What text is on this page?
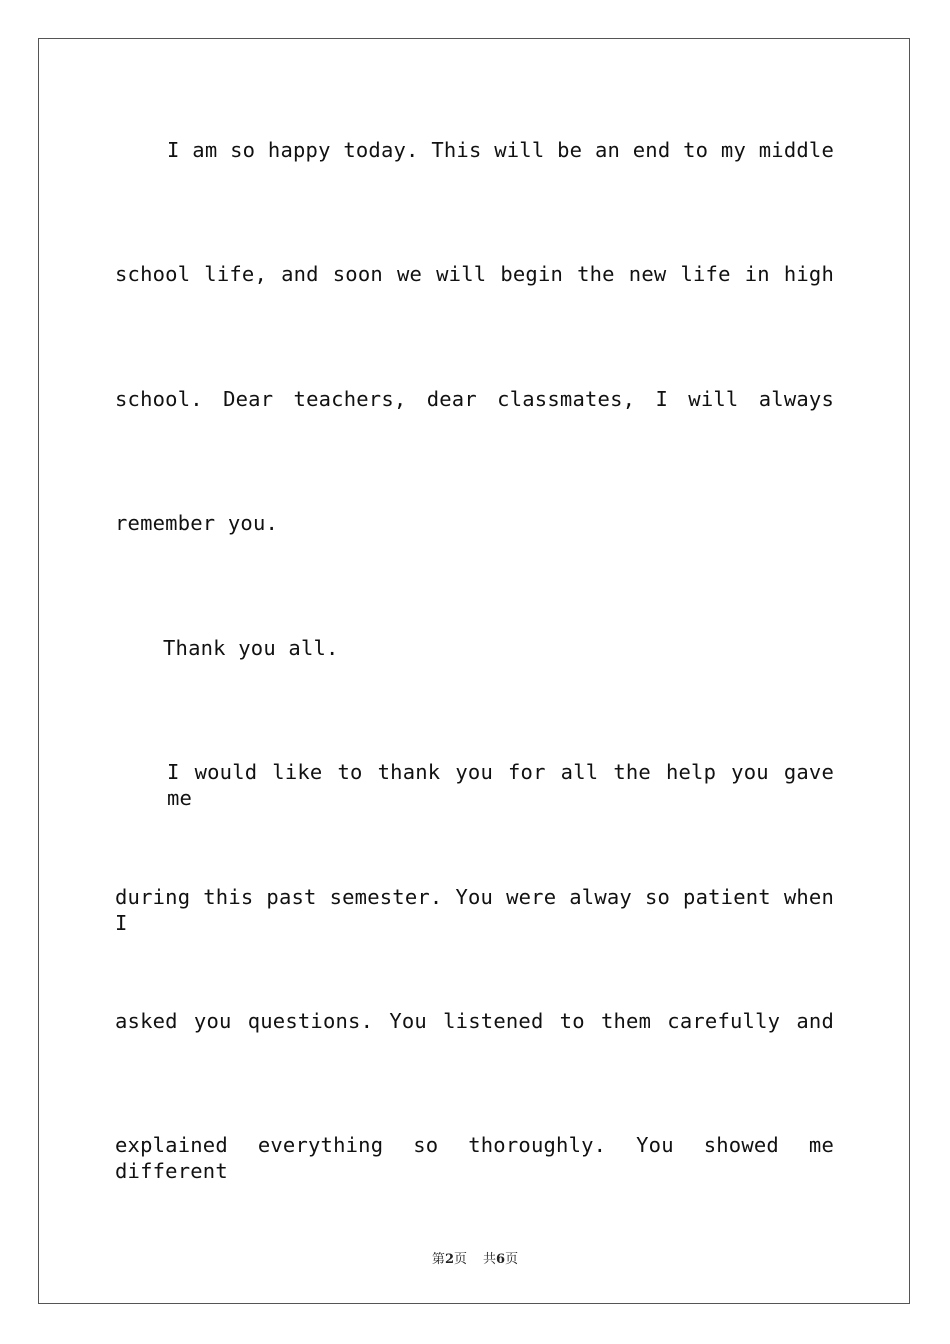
I am so happy today. This will be an end to my middle
school life, and soon we will begin the new life in high
school. Dear teachers, dear classmates, I will always
remember you.
Thank you all.
I would like to thank you for all the help you gave me
during this past semester. You were alway so patient when I
asked you questions. You listened to them carefully and
explained everything so thoroughly. You showed me different
第2页 共6页
